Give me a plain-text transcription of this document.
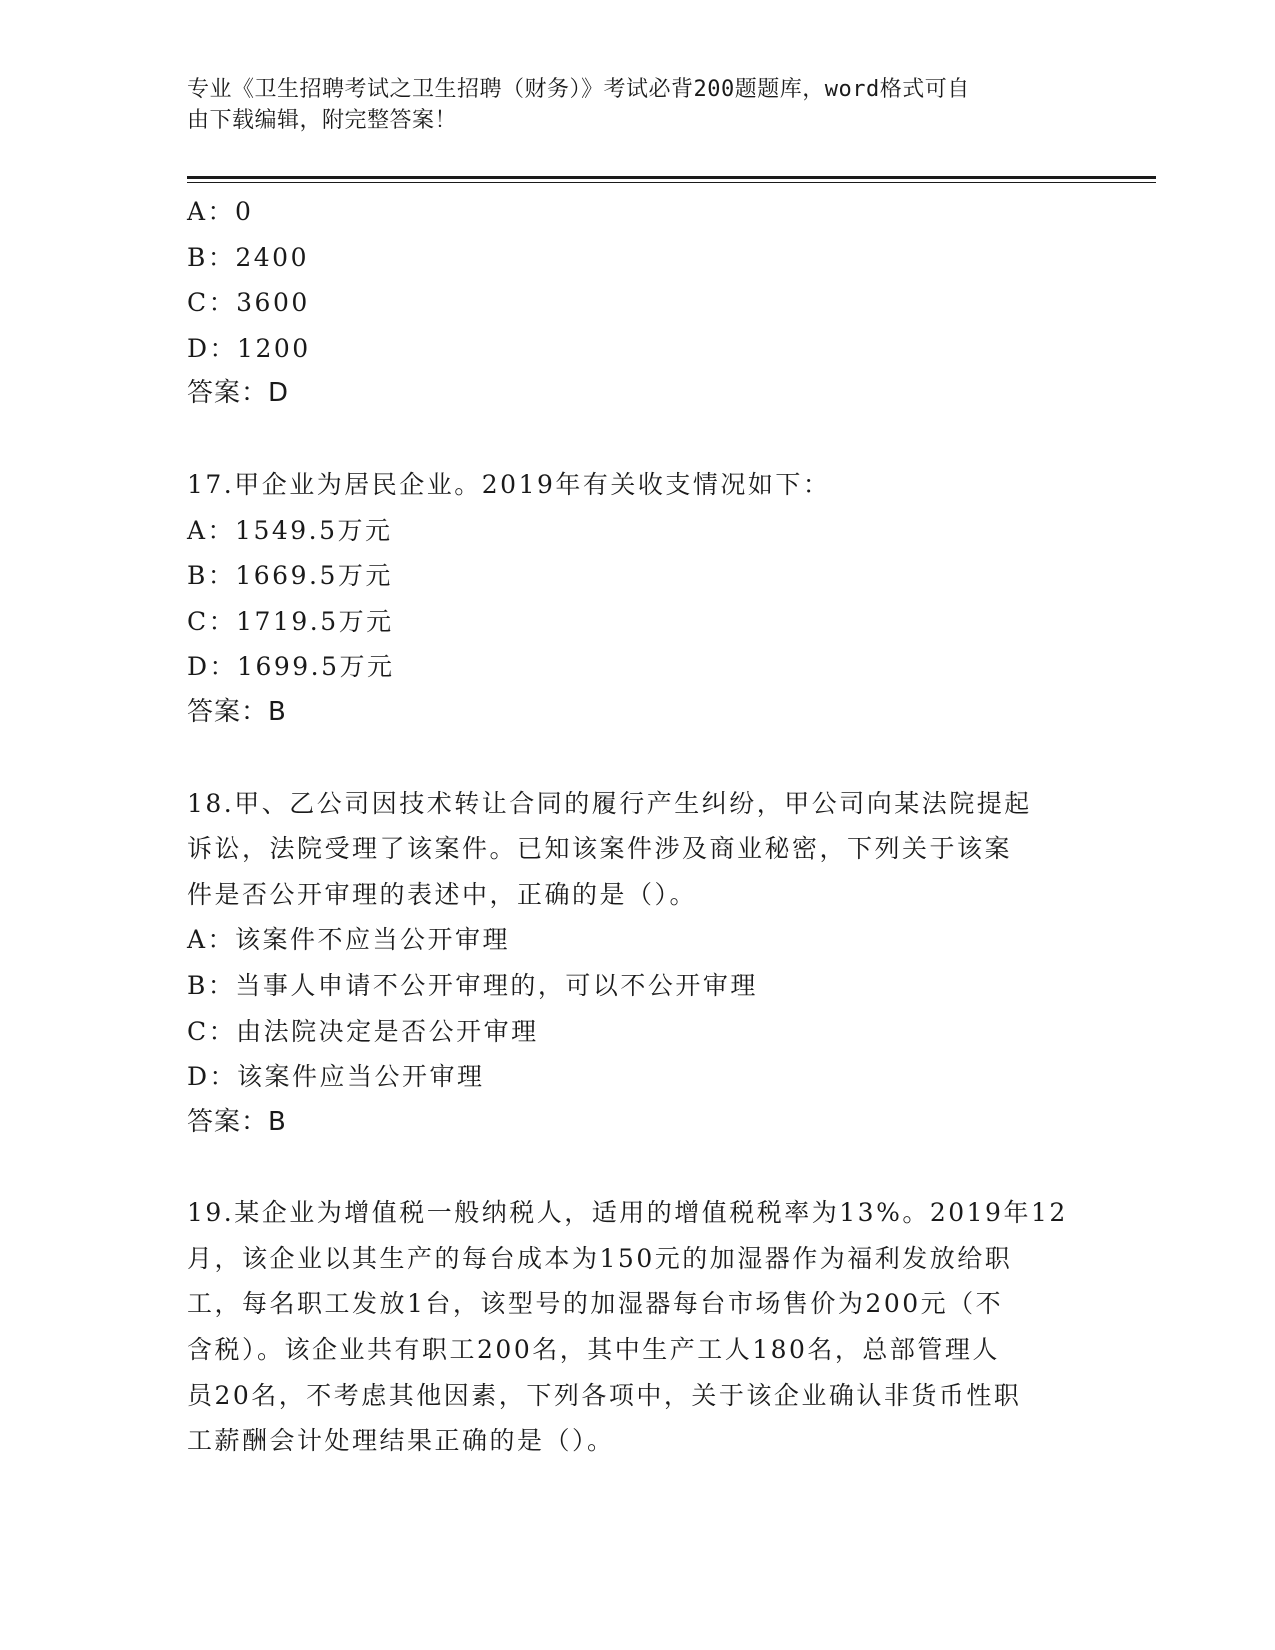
专业《卫生招聘考试之卫生招聘（财务）》考试必背200题题库，word格式可自
由下载编辑，附完整答案！
A：0
B：2400
C：3600
D：1200
答案：D
17.甲企业为居民企业。2019年有关收支情况如下：
A：1549.5万元
B：1669.5万元
C：1719.5万元
D：1699.5万元
答案：B
18.甲、乙公司因技术转让合同的履行产生纠纷，甲公司向某法院提起
诉讼，法院受理了该案件。已知该案件涉及商业秘密，下列关于该案
件是否公开审理的表述中，正确的是（）。
A：该案件不应当公开审理
B：当事人申请不公开审理的，可以不公开审理
C：由法院决定是否公开审理
D：该案件应当公开审理
答案：B
19.某企业为增值税一般纳税人，适用的增值税税率为13%。2019年12
月，该企业以其生产的每台成本为150元的加湿器作为福利发放给职
工，每名职工发放1台，该型号的加湿器每台市场售价为200元（不
含税）。该企业共有职工200名，其中生产工人180名，总部管理人
员20名，不考虑其他因素，下列各项中，关于该企业确认非货币性职
工薪酬会计处理结果正确的是（）。
